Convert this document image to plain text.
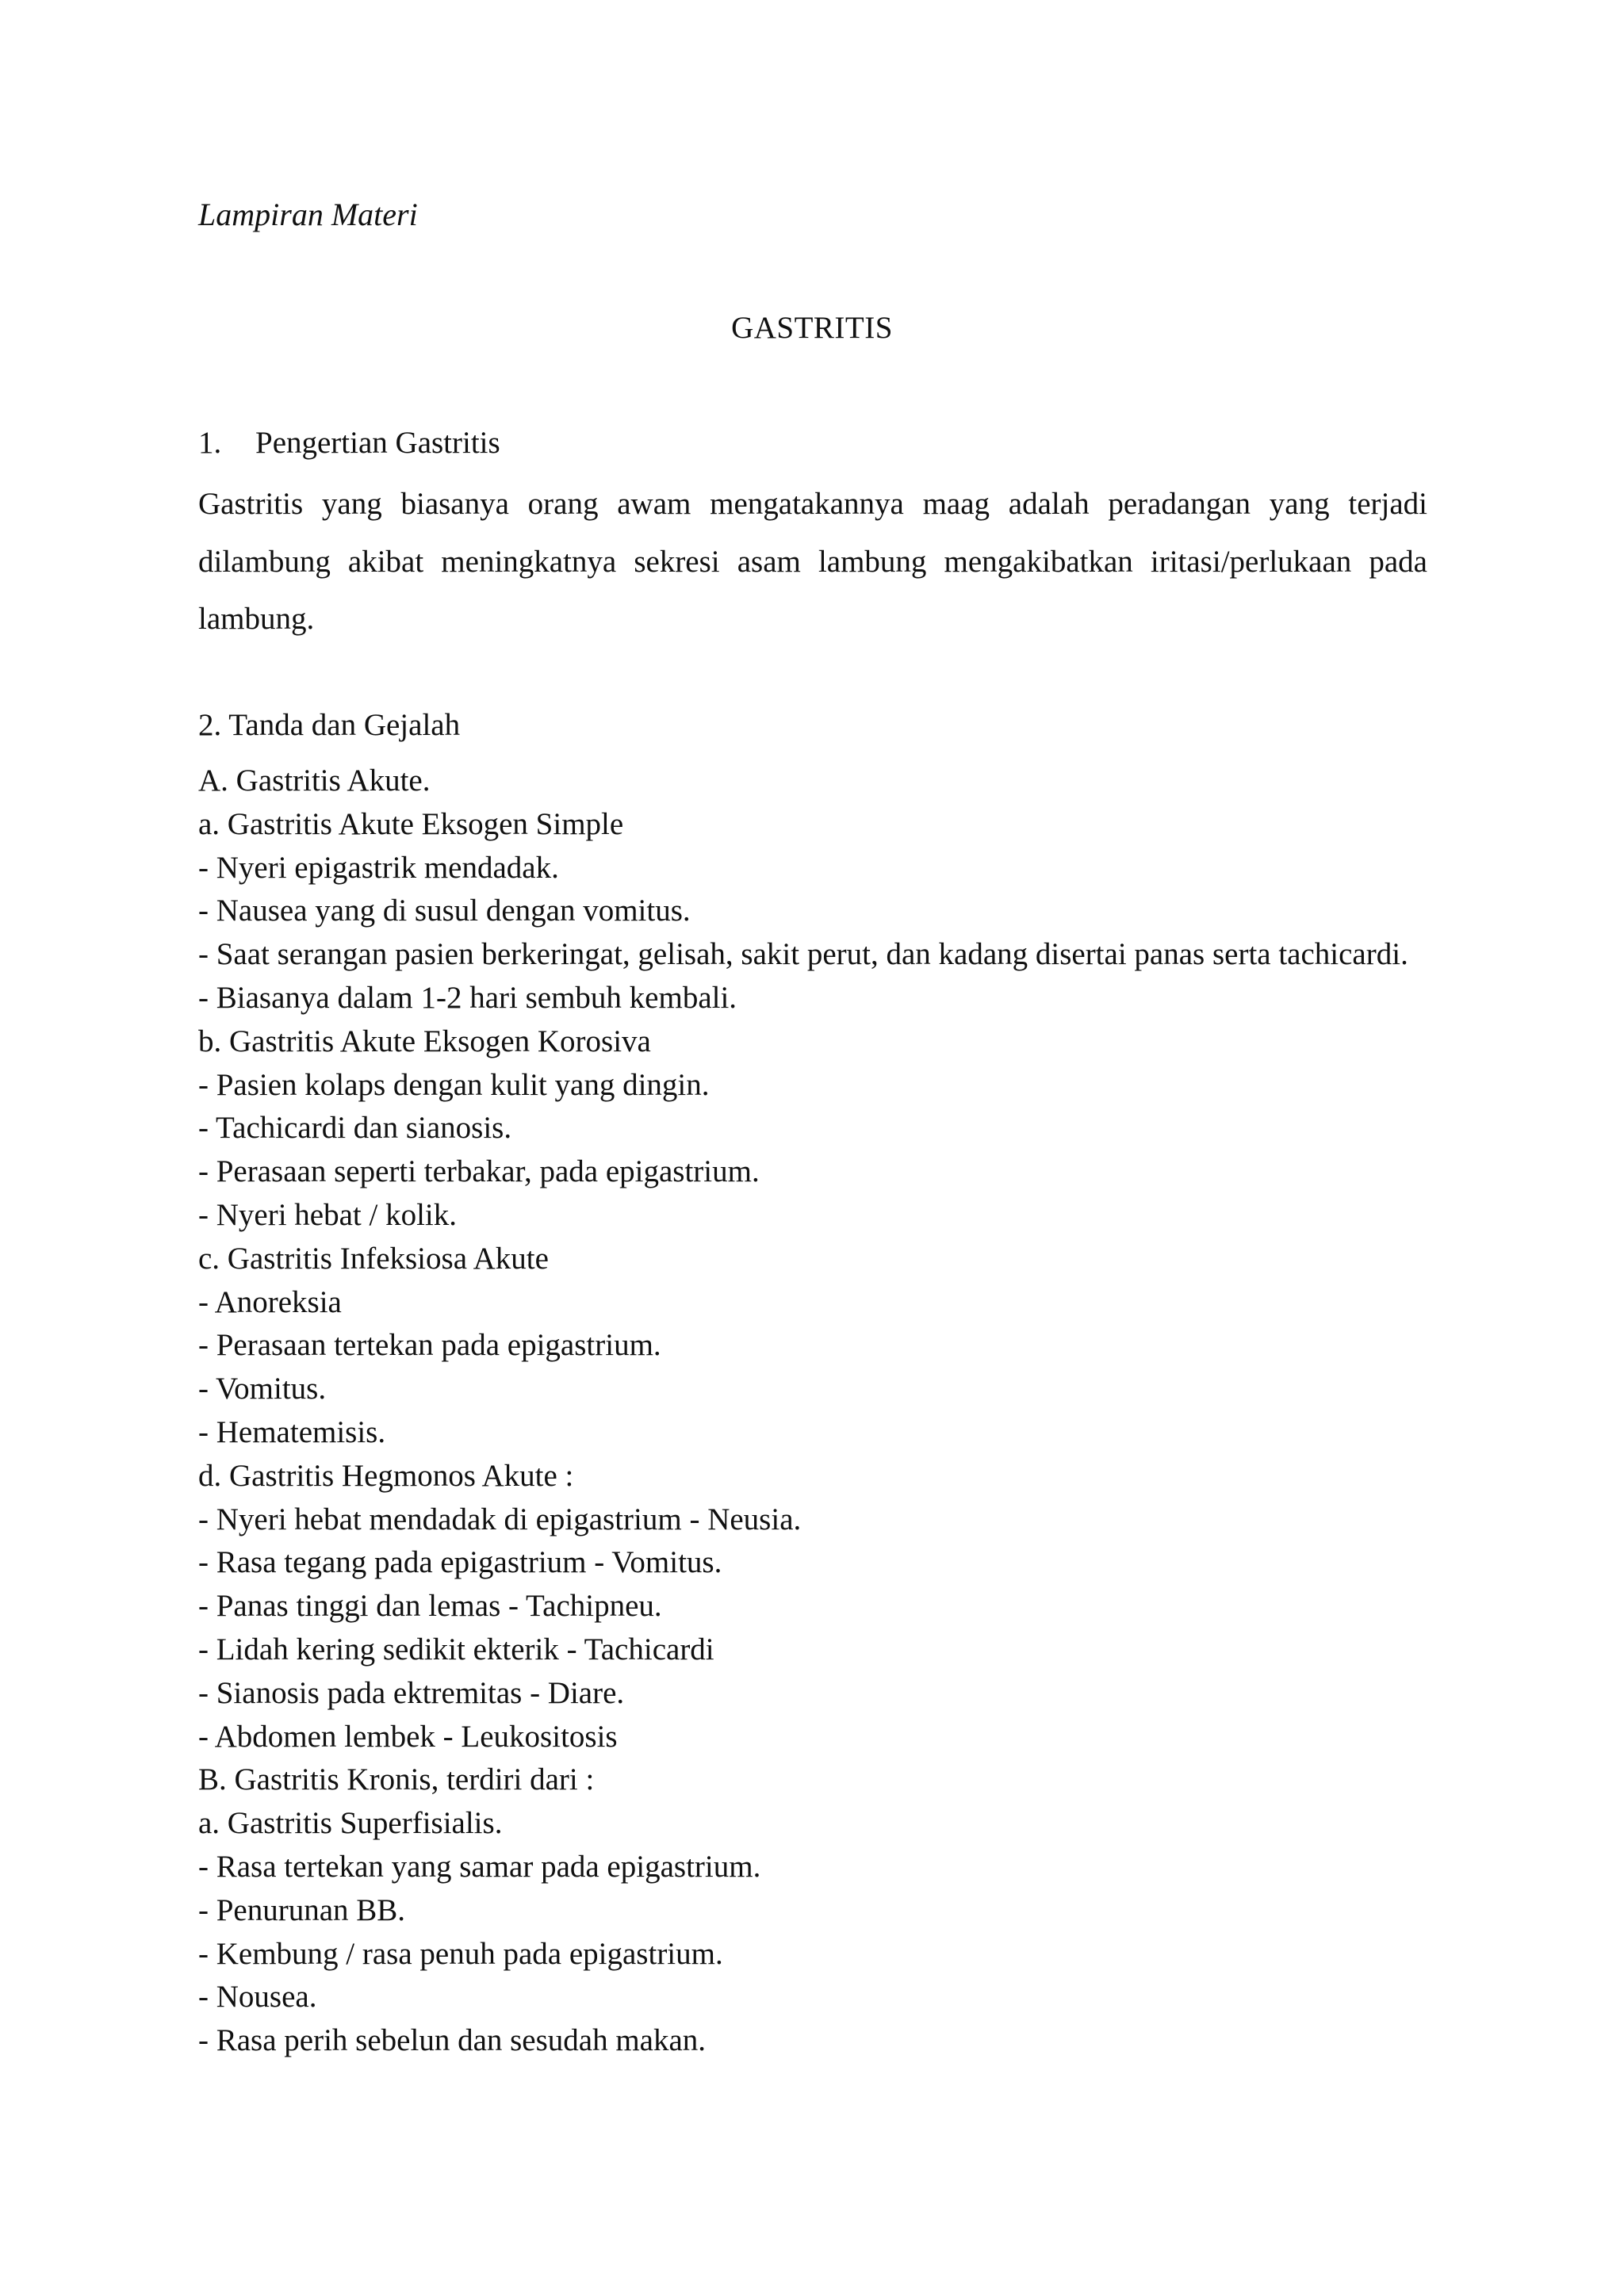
Lampiran Materi
GASTRITIS
1. Pengertian Gastritis
Gastritis yang biasanya orang awam mengatakannya maag adalah peradangan yang terjadi dilambung akibat meningkatnya sekresi asam lambung mengakibatkan iritasi/perlukaan pada lambung.
2. Tanda dan Gejalah
A. Gastritis Akute.
a. Gastritis Akute Eksogen Simple
- Nyeri epigastrik mendadak.
- Nausea yang di susul dengan vomitus.
- Saat serangan pasien berkeringat, gelisah, sakit perut, dan kadang disertai panas serta tachicardi.
- Biasanya dalam 1-2 hari sembuh kembali.
b. Gastritis Akute Eksogen Korosiva
- Pasien kolaps dengan kulit yang dingin.
- Tachicardi dan sianosis.
- Perasaan seperti terbakar, pada epigastrium.
- Nyeri hebat / kolik.
c. Gastritis Infeksiosa Akute
- Anoreksia
- Perasaan tertekan pada epigastrium.
- Vomitus.
- Hematemisis.
d. Gastritis Hegmonos Akute :
- Nyeri hebat mendadak di epigastrium - Neusia.
- Rasa tegang pada epigastrium - Vomitus.
- Panas tinggi dan lemas - Tachipneu.
- Lidah kering sedikit ekterik - Tachicardi
- Sianosis pada ektremitas - Diare.
- Abdomen lembek - Leukositosis
B. Gastritis Kronis, terdiri dari :
a. Gastritis Superfisialis.
- Rasa tertekan yang samar pada epigastrium.
- Penurunan BB.
- Kembung / rasa penuh pada epigastrium.
- Nousea.
- Rasa perih sebelun dan sesudah makan.
